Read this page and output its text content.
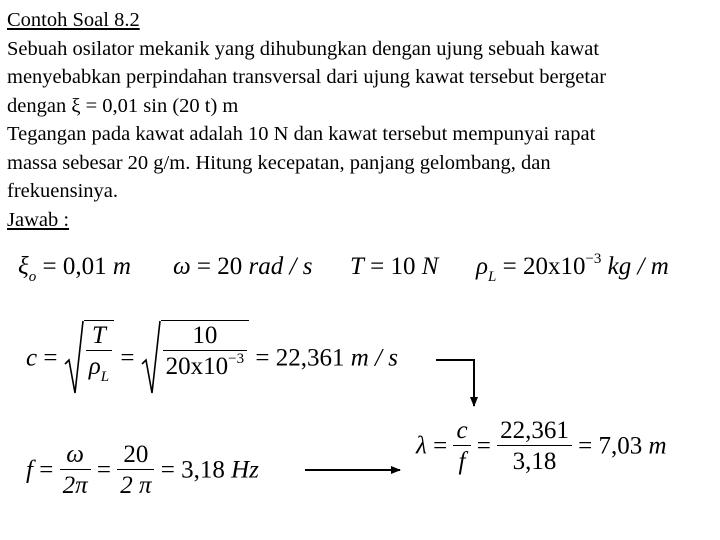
Contoh Soal 8.2
Sebuah osilator mekanik yang dihubungkan dengan ujung sebuah kawat
menyebabkan perpindahan transversal dari ujung kawat tersebut bergetar
dengan ξ = 0,01 sin (20 t) m
Tegangan pada kawat adalah 10 N dan kawat tersebut mempunyai rapat
massa sebesar 20 g/m. Hitung kecepatan, panjang gelombang, dan
frekuensinya.
Jawab :
$\xi_o = 0,01$ m ω = 20 rad / s T = 10 N $\rho_L = 20x10^{-3}$ kg / m
$c = \frac{T}{\rho_L} = \frac{10}{20x10^{-3}} = 22,361$ m / s
$f = \frac{\omega}{2\pi} = \frac{20}{2 \pi} = 3,18$ Hz
$\lambda = \frac{c}{f} = \frac{22,361}{3,18} = 7,03$ m
